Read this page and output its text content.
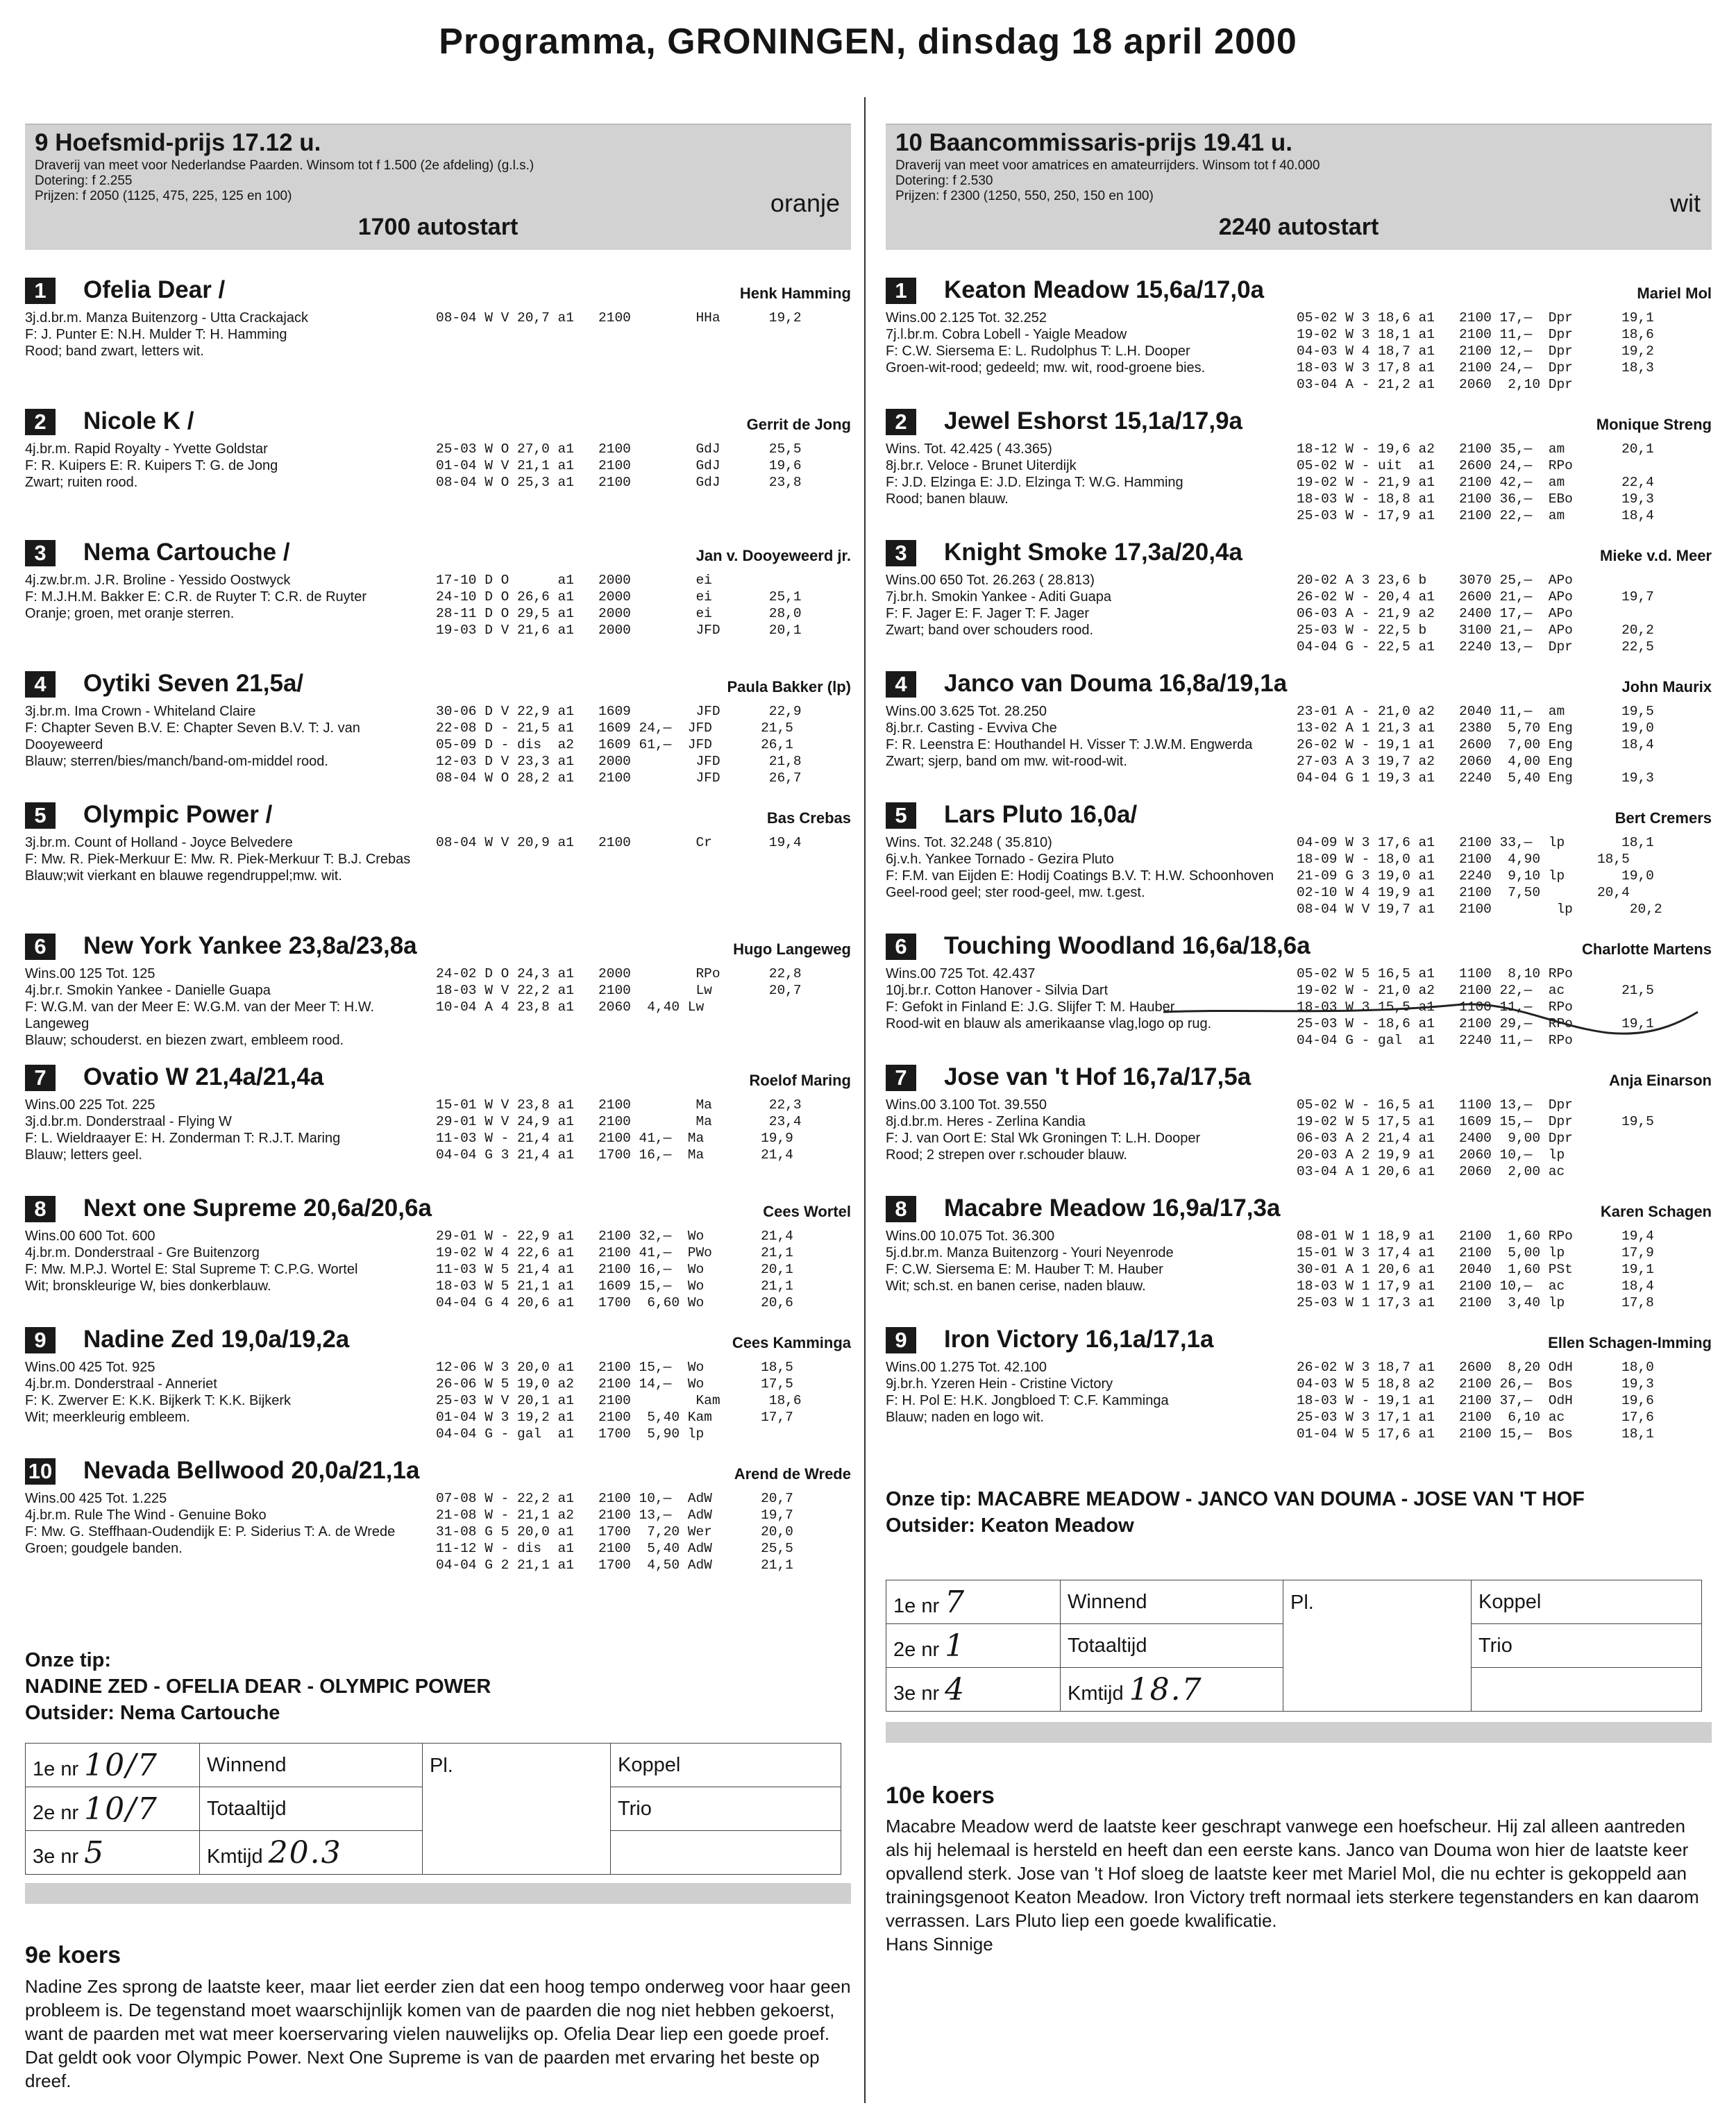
Programma, GRONINGEN, dinsdag 18 april 2000
9 Hoefsmid-prijs 17.12 u.
Draverij van meet voor Nederlandse Paarden. Winsom tot f 1.500 (2e afdeling) (g.l.s.)
Dotering: f 2.255
Prijzen: f 2050 (1125, 475, 225, 125 en 100)	oranje
1700 autostart
1	Ofelia Dear /	Henk Hamming
3j.d.br.m. Manza Buitenzorg - Utta Crackajack
F: J. Punter E: N.H. Mulder T: H. Hamming
Rood; band zwart, letters wit.
08-04 W V 20,7 a1   2100        HHa      19,2
2	Nicole K /	Gerrit de Jong
4j.br.m. Rapid Royalty - Yvette Goldstar
F: R. Kuipers E: R. Kuipers T: G. de Jong
Zwart; ruiten rood.
25-03 W O 27,0 a1   2100        GdJ      25,5
01-04 W V 21,1 a1   2100        GdJ      19,6
08-04 W O 25,3 a1   2100        GdJ      23,8
3	Nema Cartouche /	Jan v. Dooyeweerd jr.
4j.zw.br.m. J.R. Broline - Yessido Oostwyck
F: M.J.H.M. Bakker E: C.R. de Ruyter T: C.R. de Ruyter
Oranje; groen, met oranje sterren.
17-10 D O      a1   2000        ei
24-10 D O 26,6 a1   2000        ei       25,1
28-11 D O 29,5 a1   2000        ei       28,0
19-03 D V 21,6 a1   2000        JFD      20,1
4	Oytiki Seven 21,5a/	Paula Bakker (lp)
3j.br.m. Ima Crown - Whiteland Claire
F: Chapter Seven B.V. E: Chapter Seven B.V. T: J. van Dooyeweerd
Blauw; sterren/bies/manch/band-om-middel rood.
30-06 D V 22,9 a1   1609        JFD      22,9
22-08 D - 21,5 a1   1609 24,—  JFD      21,5
05-09 D - dis  a2   1609 61,—  JFD      26,1
12-03 D V 23,3 a1   2000        JFD      21,8
08-04 W O 28,2 a1   2100        JFD      26,7
5	Olympic Power /	Bas Crebas
3j.br.m. Count of Holland - Joyce Belvedere
F: Mw. R. Piek-Merkuur E: Mw. R. Piek-Merkuur T: B.J. Crebas
Blauw;wit vierkant en blauwe regendruppel;mw. wit.
08-04 W V 20,9 a1   2100        Cr       19,4
6	New York Yankee 23,8a/23,8a	Hugo Langeweg
Wins.00 125 Tot. 125
4j.br.r. Smokin Yankee - Danielle Guapa
F: W.G.M. van der Meer E: W.G.M. van der Meer T: H.W. Langeweg
Blauw; schouderst. en biezen zwart, embleem rood.
24-02 D O 24,3 a1   2000        RPo      22,8
18-03 W V 22,2 a1   2100        Lw       20,7
10-04 A 4 23,8 a1   2060  4,40 Lw
7	Ovatio W 21,4a/21,4a	Roelof Maring
Wins.00 225 Tot. 225
3j.d.br.m. Donderstraal - Flying W
F: L. Wieldraayer E: H. Zonderman T: R.J.T. Maring
Blauw; letters geel.
15-01 W V 23,8 a1   2100        Ma       22,3
29-01 W V 24,9 a1   2100        Ma       23,4
11-03 W - 21,4 a1   2100 41,—  Ma       19,9
04-04 G 3 21,4 a1   1700 16,—  Ma       21,4
8	Next one Supreme 20,6a/20,6a	Cees Wortel
Wins.00 600 Tot. 600
4j.br.m. Donderstraal - Gre Buitenzorg
F: Mw. M.P.J. Wortel E: Stal Supreme T: C.P.G. Wortel
Wit; bronskleurige W, bies donkerblauw.
29-01 W - 22,9 a1   2100 32,—  Wo       21,4
19-02 W 4 22,6 a1   2100 41,—  PWo      21,1
11-03 W 5 21,4 a1   2100 16,—  Wo       20,1
18-03 W 5 21,1 a1   1609 15,—  Wo       21,1
04-04 G 4 20,6 a1   1700  6,60 Wo       20,6
9	Nadine Zed 19,0a/19,2a	Cees Kamminga
Wins.00 425 Tot. 925
4j.br.m. Donderstraal - Anneriet
F: K. Zwerver E: K.K. Bijkerk T: K.K. Bijkerk
Wit; meerkleurig embleem.
12-06 W 3 20,0 a1   2100 15,—  Wo       18,5
26-06 W 5 19,0 a2   2100 14,—  Wo       17,5
25-03 W V 20,1 a1   2100        Kam      18,6
01-04 W 3 19,2 a1   2100  5,40 Kam      17,7
04-04 G - gal  a1   1700  5,90 lp
10 Nevada Bellwood 20,0a/21,1a	Arend de Wrede
Wins.00 425 Tot. 1.225
4j.br.m. Rule The Wind - Genuine Boko
F: Mw. G. Steffhaan-Oudendijk E: P. Siderius T: A. de Wrede
Groen; goudgele banden.
07-08 W - 22,2 a1   2100 10,—  AdW      20,7
21-08 W - 21,1 a2   2100 13,—  AdW      19,7
31-08 G 5 20,0 a1   1700  7,20 Wer      20,0
11-12 W - dis  a1   2100  5,40 AdW      25,5
04-04 G 2 21,1 a1   1700  4,50 AdW      21,1
Onze tip:
NADINE ZED - OFELIA DEAR - OLYMPIC POWER
Outsider: Nema Cartouche
1e nr 10/7	Winnend	Pl.	Koppel
2e nr 10/7	Totaaltijd		Trio
3e nr 5	Kmtijd 20.3		
9e koers
Nadine Zes sprong de laatste keer, maar liet eerder zien dat een hoog tempo onderweg voor haar geen probleem is. De tegenstand moet waarschijnlijk komen van de paarden die nog niet hebben gekoerst, want de paarden met wat meer koerservaring vielen nauwelijks op. Ofelia Dear liep een goede proef. Dat geldt ook voor Olympic Power. Next One Supreme is van de paarden met ervaring het beste op dreef.
10 Baancommissaris-prijs 19.41 u.
Draverij van meet voor amatrices en amateurrijders. Winsom tot f 40.000
Dotering: f 2.530
Prijzen: f 2300 (1250, 550, 250, 150 en 100)	wit
2240 autostart
1	Keaton Meadow 15,6a/17,0a	Mariel Mol
Wins.00 2.125 Tot. 32.252
7j.l.br.m. Cobra Lobell - Yaigle Meadow
F: C.W. Siersema E: L. Rudolphus T: L.H. Dooper
Groen-wit-rood; gedeeld; mw. wit, rood-groene bies.
05-02 W 3 18,6 a1   2100 17,—  Dpr      19,1
19-02 W 3 18,1 a1   2100 11,—  Dpr      18,6
04-03 W 4 18,7 a1   2100 12,—  Dpr      19,2
18-03 W 3 17,8 a1   2100 24,—  Dpr      18,3
03-04 A - 21,2 a1   2060  2,10 Dpr
2	Jewel Eshorst 15,1a/17,9a	Monique Streng
Wins. Tot. 42.425 ( 43.365)
8j.br.r. Veloce - Brunet Uiterdijk
F: J.D. Elzinga E: J.D. Elzinga T: W.G. Hamming
Rood; banen blauw.
18-12 W - 19,6 a2   2100 35,—  am       20,1
05-02 W - uit  a1   2600 24,—  RPo
19-02 W - 21,9 a1   2100 42,—  am       22,4
18-03 W - 18,8 a1   2100 36,—  EBo      19,3
25-03 W - 17,9 a1   2100 22,—  am       18,4
3	Knight Smoke 17,3a/20,4a	Mieke v.d. Meer
Wins.00 650 Tot. 26.263 ( 28.813)
7j.br.h. Smokin Yankee - Aditi Guapa
F: F. Jager E: F. Jager T: F. Jager
Zwart; band over schouders rood.
20-02 A 3 23,6 b    3070 25,—  APo
26-02 W - 20,4 a1   2600 21,—  APo      19,7
06-03 A - 21,9 a2   2400 17,—  APo
25-03 W - 22,5 b    3100 21,—  APo      20,2
04-04 G - 22,5 a1   2240 13,—  Dpr      22,5
4	Janco van Douma 16,8a/19,1a	John Maurix
Wins.00 3.625 Tot. 28.250
8j.br.r. Casting - Evviva Che
F: R. Leenstra E: Houthandel H. Visser T: J.W.M. Engwerda
Zwart; sjerp, band om mw. wit-rood-wit.
23-01 A - 21,0 a2   2040 11,—  am       19,5
13-02 A 1 21,3 a1   2380  5,70 Eng      19,0
26-02 W - 19,1 a1   2600  7,00 Eng      18,4
27-03 A 3 19,7 a2   2060  4,00 Eng
04-04 G 1 19,3 a1   2240  5,40 Eng      19,3
5	Lars Pluto 16,0a/	Bert Cremers
Wins. Tot. 32.248 ( 35.810)
6j.v.h. Yankee Tornado - Gezira Pluto
F: F.M. van Eijden E: Hodij Coatings B.V. T: H.W. Schoonhoven
Geel-rood geel; ster rood-geel, mw. t.gest.
04-09 W 3 17,6 a1   2100 33,—  lp       18,1
18-09 W - 18,0 a1   2100  4,90       18,5
21-09 G 3 19,0 a1   2240  9,10 lp       19,0
02-10 W 4 19,9 a1   2100  7,50       20,4
08-04 W V 19,7 a1   2100        lp       20,2
6	Touching Woodland 16,6a/18,6a	Charlotte Martens
Wins.00 725 Tot. 42.437
10j.br.r. Cotton Hanover - Silvia Dart
F: Gefokt in Finland E: J.G. Slijfer T: M. Hauber
Rood-wit en blauw als amerikaanse vlag,logo op rug.
05-02 W 5 16,5 a1   1100  8,10 RPo
19-02 W - 21,0 a2   2100 22,—  ac       21,5
18-03 W 3 15,5 a1   1100 11,—  RPo
25-03 W - 18,6 a1   2100 29,—  RPo      19,1
04-04 G - gal  a1   2240 11,—  RPo
7	Jose van 't Hof 16,7a/17,5a	Anja Einarson
Wins.00 3.100 Tot. 39.550
8j.d.br.m. Heres - Zerlina Kandia
F: J. van Oort E: Stal Wk Groningen T: L.H. Dooper
Rood; 2 strepen over r.schouder blauw.
05-02 W - 16,5 a1   1100 13,—  Dpr
19-02 W 5 17,5 a1   1609 15,—  Dpr      19,5
06-03 A 2 21,4 a1   2400  9,00 Dpr
20-03 A 2 19,9 a1   2060 10,—  lp
03-04 A 1 20,6 a1   2060  2,00 ac
8	Macabre Meadow 16,9a/17,3a	Karen Schagen
Wins.00 10.075 Tot. 36.300
5j.d.br.m. Manza Buitenzorg - Youri Neyenrode
F: C.W. Siersema E: M. Hauber T: M. Hauber
Wit; sch.st. en banen cerise, naden blauw.
08-01 W 1 18,9 a1   2100  1,60 RPo      19,4
15-01 W 3 17,4 a1   2100  5,00 lp       17,9
30-01 A 1 20,6 a1   2040  1,60 PSt      19,1
18-03 W 1 17,9 a1   2100 10,—  ac       18,4
25-03 W 1 17,3 a1   2100  3,40 lp       17,8
9	Iron Victory 16,1a/17,1a	Ellen Schagen-Imming
Wins.00 1.275 Tot. 42.100
9j.br.h. Yzeren Hein - Cristine Victory
F: H. Pol E: H.K. Jongbloed T: C.F. Kamminga
Blauw; naden en logo wit.
26-02 W 3 18,7 a1   2600  8,20 OdH      18,0
04-03 W 5 18,8 a2   2100 26,—  Bos      19,3
18-03 W - 19,1 a1   2100 37,—  OdH      19,6
25-03 W 3 17,1 a1   2100  6,10 ac       17,6
01-04 W 5 17,6 a1   2100 15,—  Bos      18,1
Onze tip: MACABRE MEADOW - JANCO VAN DOUMA - JOSE VAN 'T HOF
Outsider: Keaton Meadow
1e nr 7	Winnend	Pl.	Koppel
2e nr 1	Totaaltijd		Trio
3e nr 4	Kmtijd 18.7		
10e koers
Macabre Meadow werd de laatste keer geschrapt vanwege een hoefscheur. Hij zal alleen aantreden als hij helemaal is hersteld en heeft dan een eerste kans. Janco van Douma won hier de laatste keer opvallend sterk. Jose van 't Hof sloeg de laatste keer met Mariel Mol, die nu echter is gekoppeld aan trainingsgenoot Keaton Meadow. Iron Victory treft normaal iets sterkere tegenstanders en kan daarom verrassen. Lars Pluto liep een goede kwalificatie.
Hans Sinnige
